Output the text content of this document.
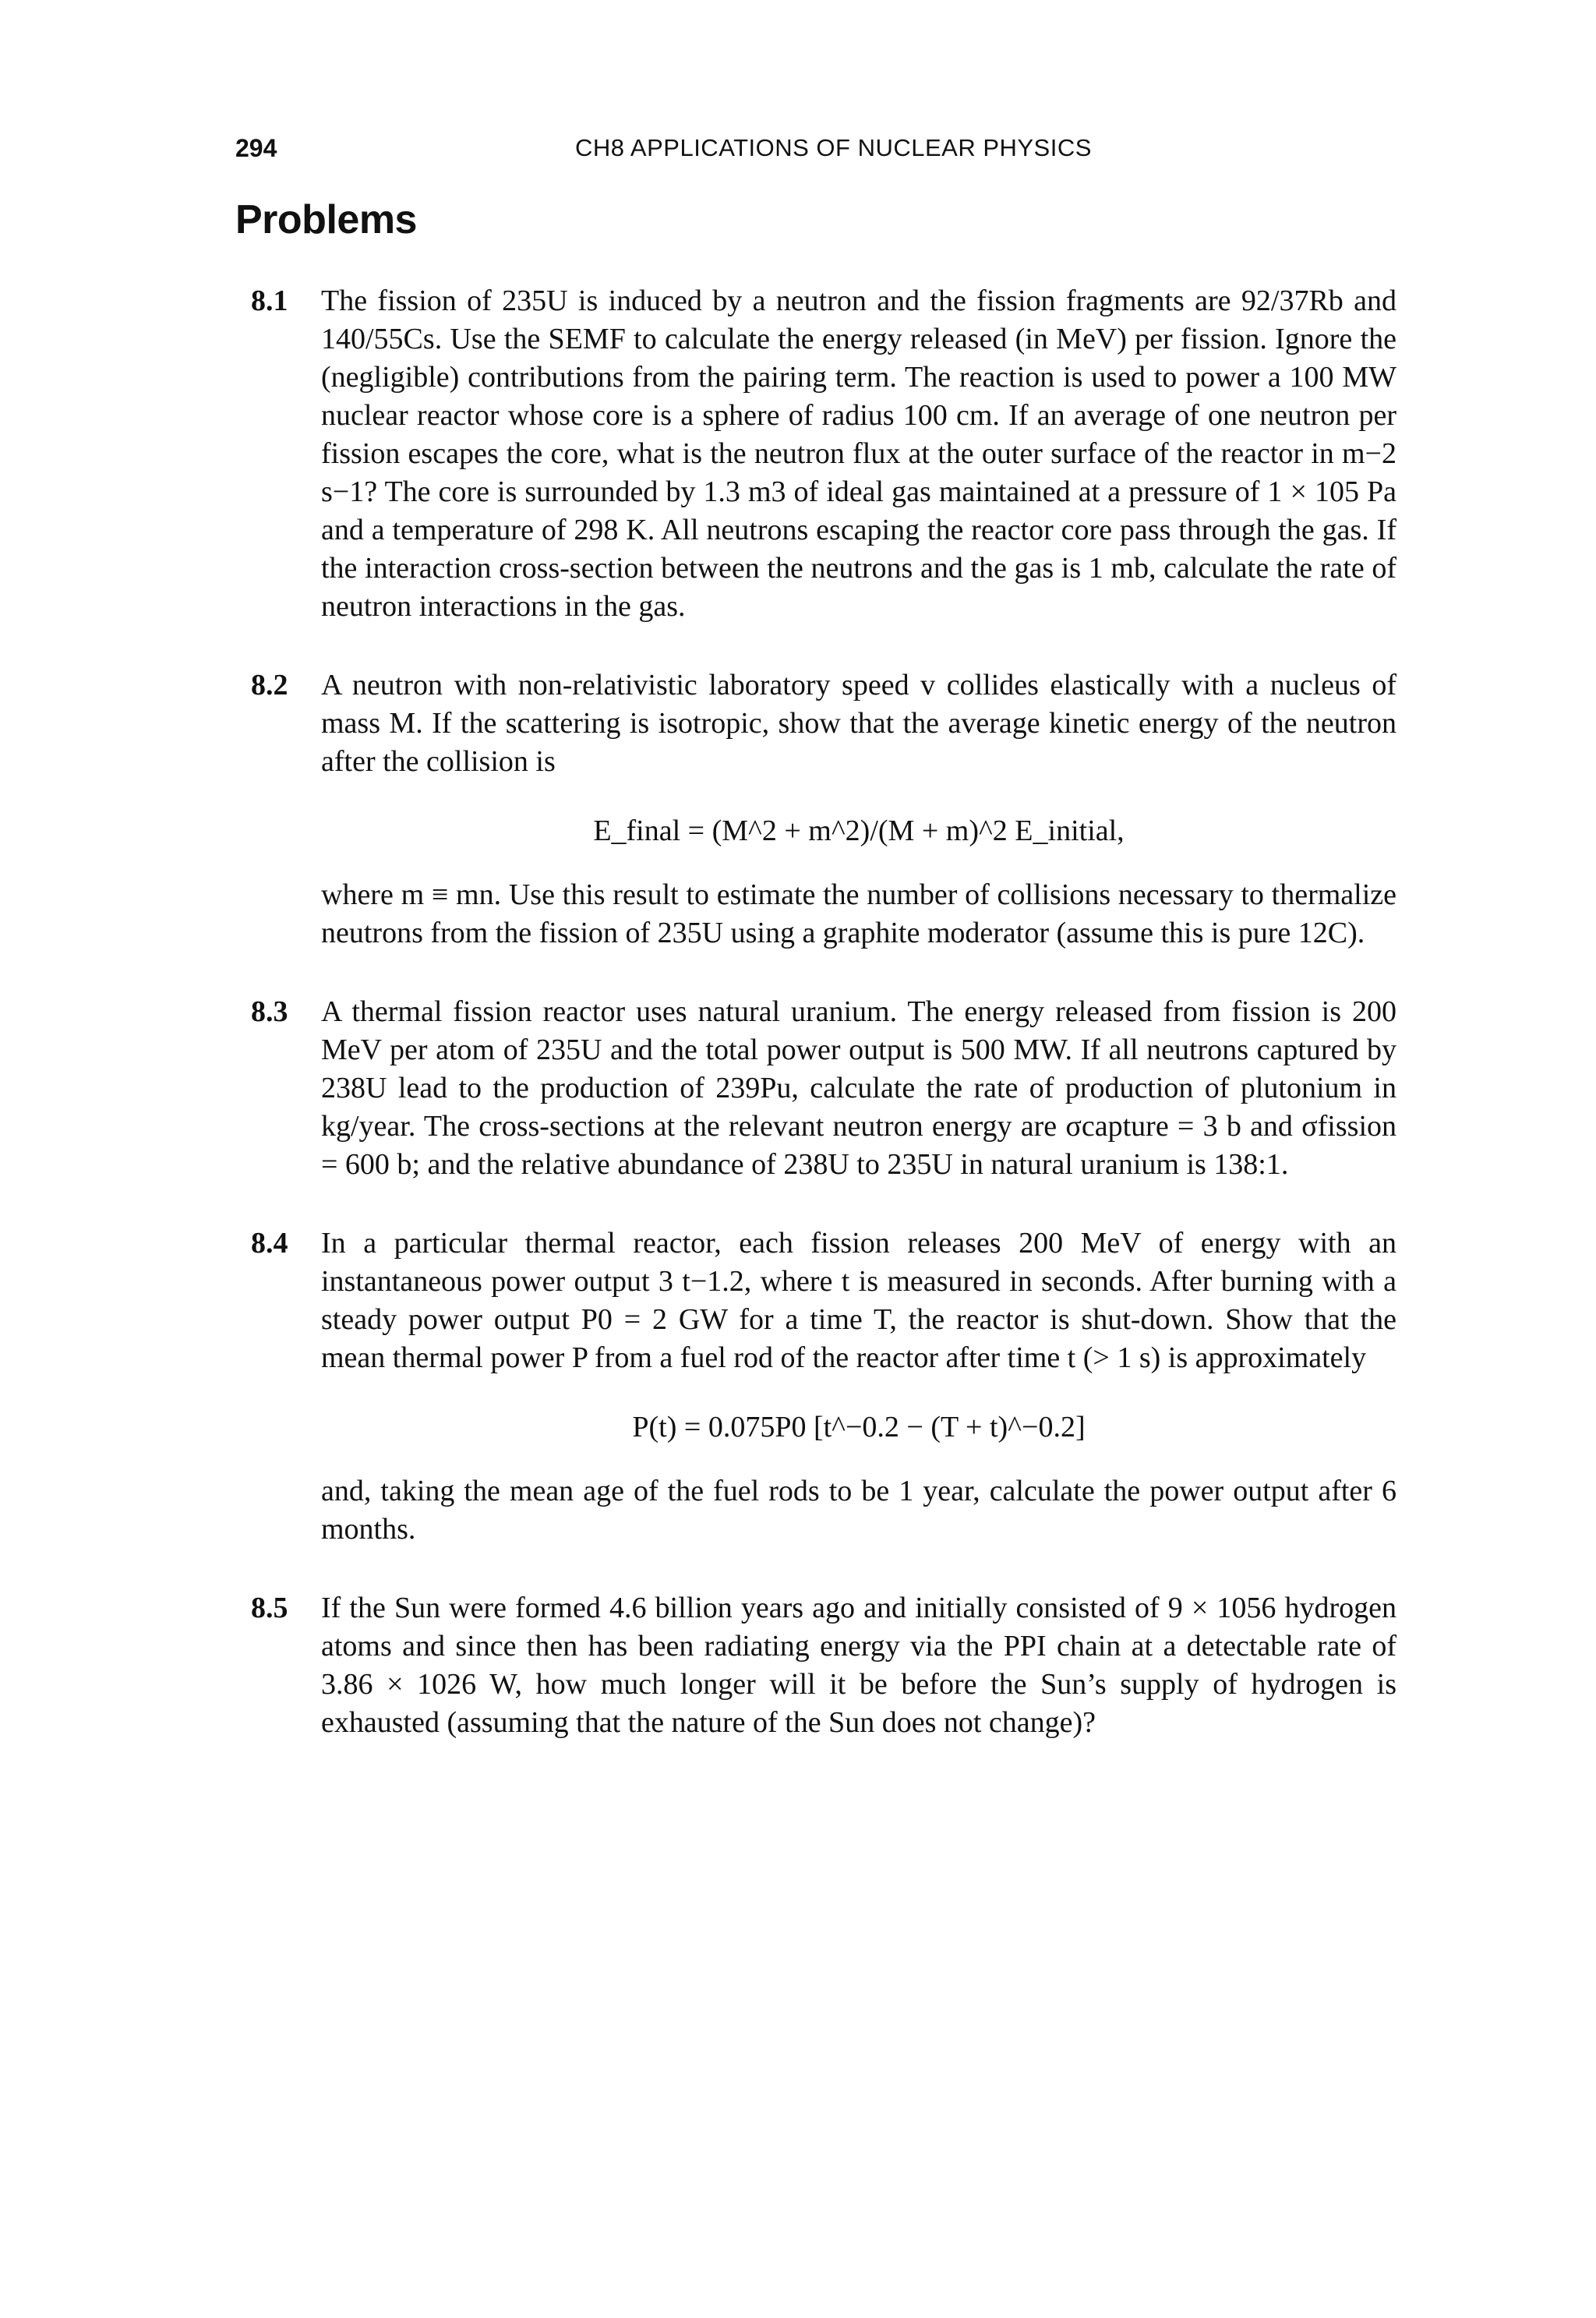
294	CH8 APPLICATIONS OF NUCLEAR PHYSICS
Problems
8.1 The fission of 235U is induced by a neutron and the fission fragments are 92/37Rb and 140/55Cs. Use the SEMF to calculate the energy released (in MeV) per fission. Ignore the (negligible) contributions from the pairing term. The reaction is used to power a 100 MW nuclear reactor whose core is a sphere of radius 100 cm. If an average of one neutron per fission escapes the core, what is the neutron flux at the outer surface of the reactor in m−2 s−1? The core is surrounded by 1.3 m3 of ideal gas maintained at a pressure of 1 × 105 Pa and a temperature of 298 K. All neutrons escaping the reactor core pass through the gas. If the interaction cross-section between the neutrons and the gas is 1 mb, calculate the rate of neutron interactions in the gas.

8.2 A neutron with non-relativistic laboratory speed v collides elastically with a nucleus of mass M. If the scattering is isotropic, show that the average kinetic energy of the neutron after the collision is

E_final = (M^2 + m^2)/(M + m)^2 E_initial,

where m ≡ mn. Use this result to estimate the number of collisions necessary to thermalize neutrons from the fission of 235U using a graphite moderator (assume this is pure 12C).

8.3 A thermal fission reactor uses natural uranium. The energy released from fission is 200 MeV per atom of 235U and the total power output is 500 MW. If all neutrons captured by 238U lead to the production of 239Pu, calculate the rate of production of plutonium in kg/year. The cross-sections at the relevant neutron energy are σcapture = 3 b and σfission = 600 b; and the relative abundance of 238U to 235U in natural uranium is 138:1.

8.4 In a particular thermal reactor, each fission releases 200 MeV of energy with an instantaneous power output 3 t−1.2, where t is measured in seconds. After burning with a steady power output P0 = 2 GW for a time T, the reactor is shut-down. Show that the mean thermal power P from a fuel rod of the reactor after time t (> 1 s) is approximately

P(t) = 0.075P0 [t^−0.2 − (T + t)^−0.2]

and, taking the mean age of the fuel rods to be 1 year, calculate the power output after 6 months.

8.5 If the Sun were formed 4.6 billion years ago and initially consisted of 9 × 1056 hydrogen atoms and since then has been radiating energy via the PPI chain at a detectable rate of 3.86 × 1026 W, how much longer will it be before the Sun’s supply of hydrogen is exhausted (assuming that the nature of the Sun does not change)?
